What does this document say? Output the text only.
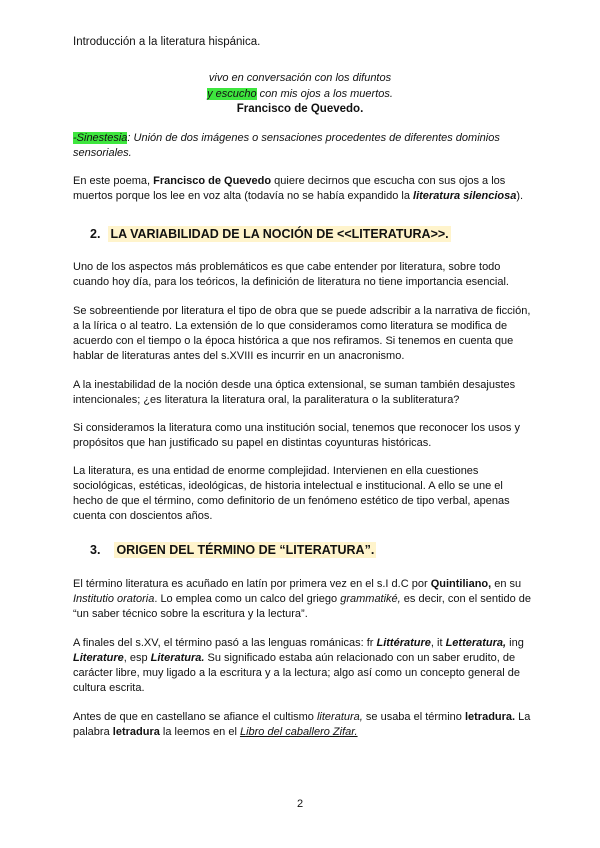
Introducción a la literatura hispánica.
vivo en conversación con los difuntos
y escucho con mis ojos a los muertos.
Francisco de Quevedo.
-Sinestesia: Unión de dos imágenes o sensaciones procedentes de diferentes dominios sensoriales.
En este poema, Francisco de Quevedo quiere decirnos que escucha con sus ojos a los muertos porque los lee en voz alta (todavía no se había expandido la literatura silenciosa).
2. LA VARIABILIDAD DE LA NOCIÓN DE <<LITERATURA>>.
Uno de los aspectos más problemáticos es que cabe entender por literatura, sobre todo cuando hoy día, para los teóricos, la definición de literatura no tiene importancia esencial.
Se sobreentiende por literatura el tipo de obra que se puede adscribir a la narrativa de ficción, a la lírica o al teatro. La extensión de lo que consideramos como literatura se modifica de acuerdo con el tiempo o la época histórica a que nos refiramos. Si tenemos en cuenta que hablar de literaturas antes del s.XVIII es incurrir en un anacronismo.
A la inestabilidad de la noción desde una óptica extensional, se suman también desajustes intencionales; ¿es literatura la literatura oral, la paraliteratura o la subliteratura?
Si consideramos la literatura como una institución social, tenemos que reconocer los usos y propósitos que han justificado su papel en distintas coyunturas históricas.
La literatura, es una entidad de enorme complejidad. Intervienen en ella cuestiones sociológicas, estéticas, ideológicas, de historia intelectual e institucional. A ello se une el hecho de que el término, como definitorio de un fenómeno estético de tipo verbal, apenas cuenta con doscientos años.
3. ORIGEN DEL TÉRMINO DE “LITERATURA”.
El término literatura es acuñado en latín por primera vez en el s.I d.C por Quintiliano, en su Institutio oratoria. Lo emplea como un calco del griego grammatiké, es decir, con el sentido de “un saber técnico sobre la escritura y la lectura”.
A finales del s.XV, el término pasó a las lenguas románicas: fr Littérature, it Letteratura, ing Literature, esp Literatura. Su significado estaba aún relacionado con un saber erudito, de carácter libre, muy ligado a la escritura y a la lectura; algo así como un concepto general de cultura escrita.
Antes de que en castellano se afiance el cultismo literatura, se usaba el término letradura. La palabra letradura la leemos en el Libro del caballero Zifar.
2
